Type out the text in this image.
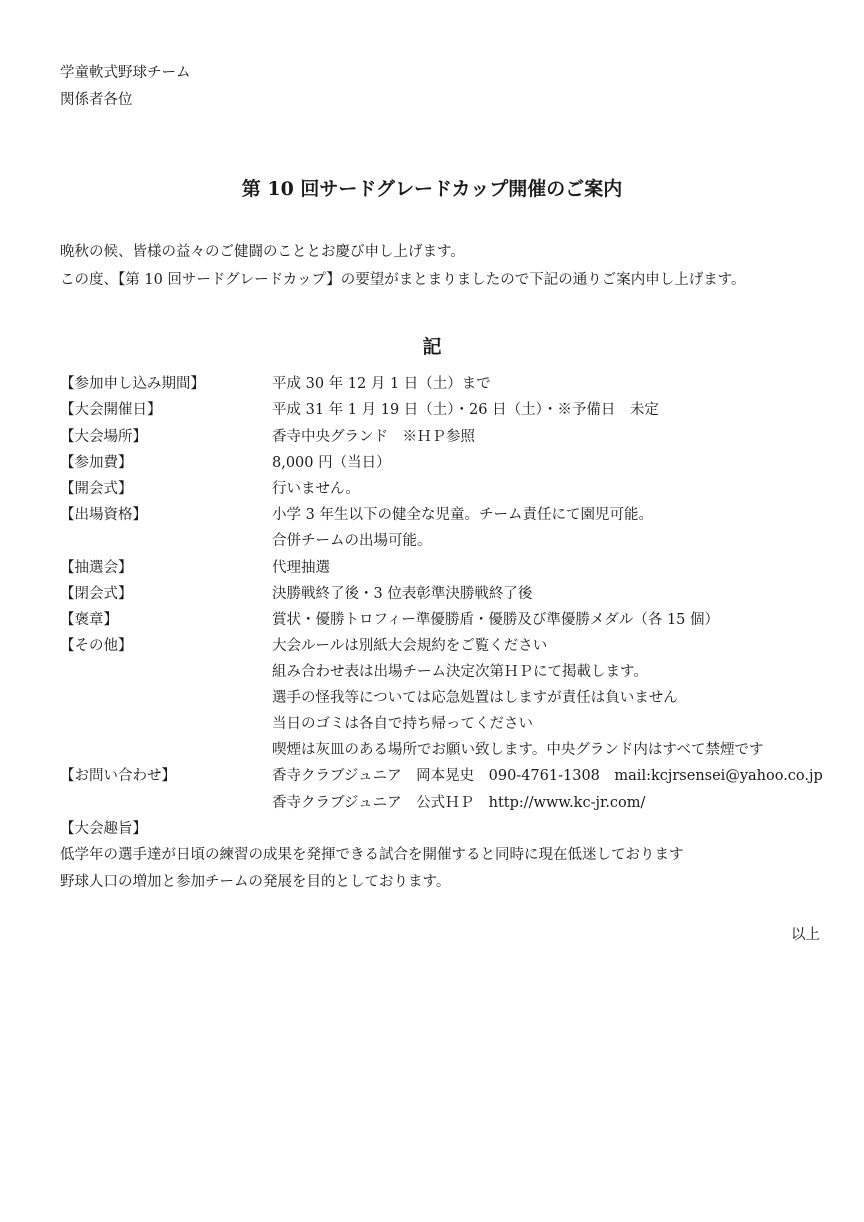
学童軟式野球チーム
関係者各位
第 10 回サードグレードカップ開催のご案内
晩秋の候、皆様の益々のご健闘のこととお慶び申し上げます。
この度、【第 10 回サードグレードカップ】の要望がまとまりましたので下記の通りご案内申し上げます。
記
【参加申し込み期間】	平成 30 年 12 月 1 日（土）まで
【大会開催日】	平成 31 年 1 月 19 日（土）・26 日（土）・※予備日　未定
【大会場所】	香寺中央グランド　※ＨＰ参照
【参加費】	8,000 円（当日）
【開会式】	行いません。
【出場資格】	小学 3 年生以下の健全な児童。チーム責任にて園児可能。
合併チームの出場可能。
【抽選会】	代理抽選
【閉会式】	決勝戦終了後・3 位表彰準決勝戦終了後
【褒章】	賞状・優勝トロフィー準優勝盾・優勝及び準優勝メダル（各 15 個）
【その他】	大会ルールは別紙大会規約をご覧ください
組み合わせ表は出場チーム決定次第ＨＰにて掲載します。
選手の怪我等については応急処置はしますが責任は負いません
当日のゴミは各自で持ち帰ってください
喫煙は灰皿のある場所でお願い致します。中央グランド内はすべて禁煙です
【お問い合わせ】	香寺クラブジュニア　岡本晃史　090-4761-1308　mail:kcjrsensei@yahoo.co.jp
香寺クラブジュニア　公式ＨＰ　http://www.kc-jr.com/
【大会趣旨】
低学年の選手達が日頃の練習の成果を発揮できる試合を開催すると同時に現在低迷しております
野球人口の増加と参加チームの発展を目的としております。
以上
